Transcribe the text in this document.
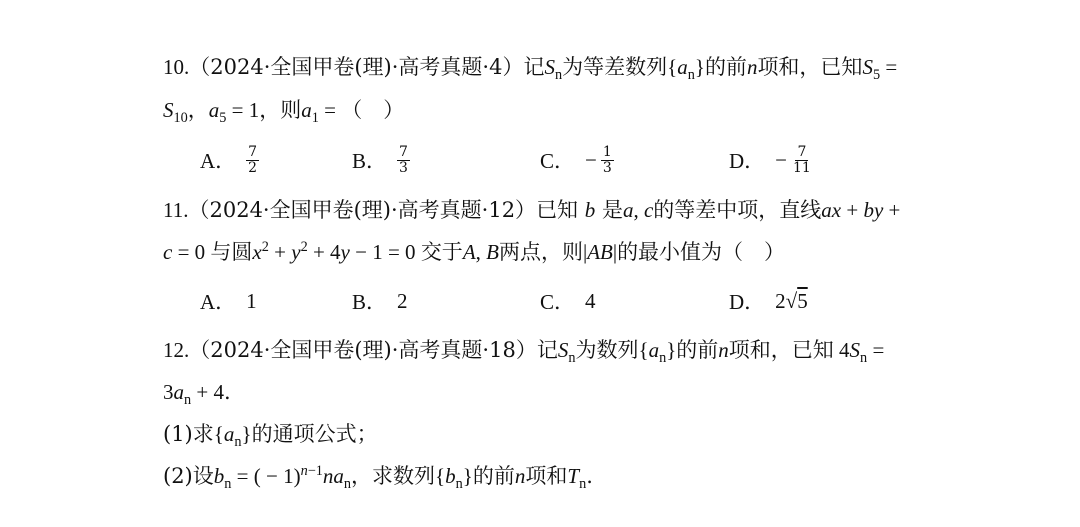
10.（2024·全国甲卷(理)·高考真题·4）记$S_n$为等差数列$\{a_n\}$的前n项和，已知$S_5$ =
$S_{10}$，$a_5 = 1$，则$a_1$ = （　）
A． $\frac{7}{2}$	B． $\frac{7}{3}$	C． − $\frac{1}{3}$	D． − $\frac{7}{11}$
11.（2024·全国甲卷(理)·高考真题·12）已知 b 是a, c的等差中项，直线ax + by +
c = 0 与圆$x^2 + y^2 + 4y - 1 = 0$ 交于A, B两点，则|AB|的最小值为（　）
A． 1	B． 2	C． 4	D． 2 √ 5
12.（2024·全国甲卷(理)·高考真题·18）记$S_n$为数列$\{a_n\}$的前n项和，已知 $4S_n$ =
$3a_n + 4$.
(1)求$\{a_n\}$的通项公式；
(2)设$b_n$ = ( − $1)^{n-1}na_n$，求数列$\{b_n\}$的前n项和$T_n$.
